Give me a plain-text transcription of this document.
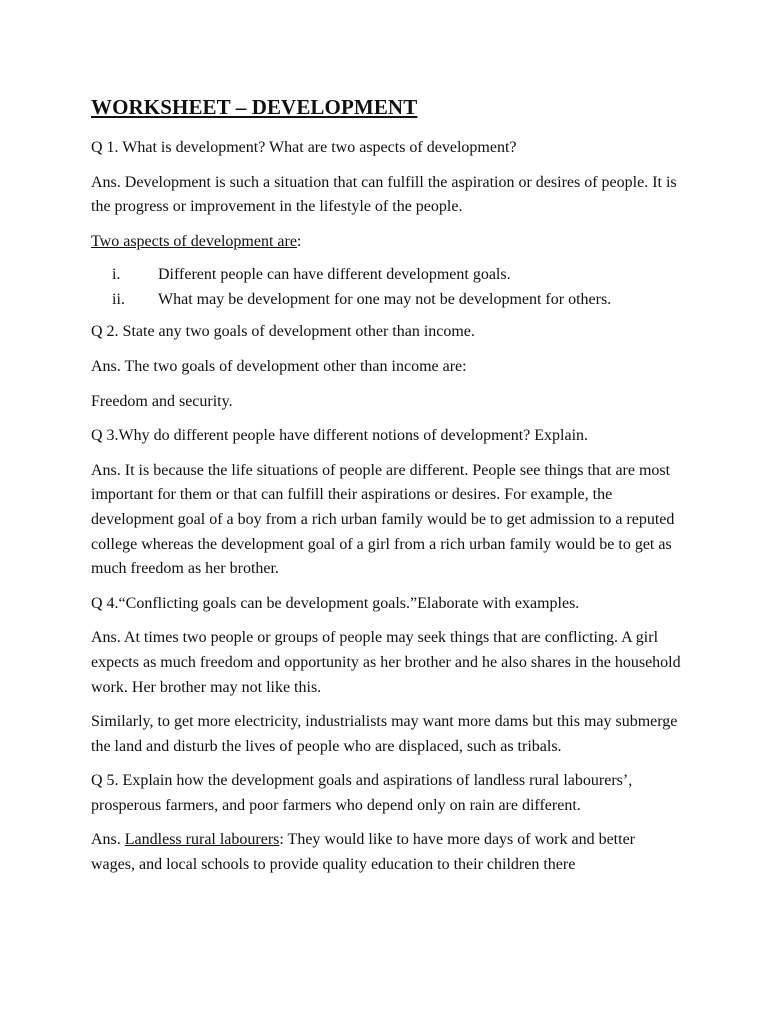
WORKSHEET – DEVELOPMENT

Q 1. What is development? What are two aspects of development?

Ans. Development is such a situation that can fulfill the aspiration or desires of people. It is the progress or improvement in the lifestyle of the people.

Two aspects of development are:

i. Different people can have different development goals.
ii. What may be development for one may not be development for others.

Q 2. State any two goals of development other than income.

Ans. The two goals of development other than income are:

Freedom and security.

Q 3.Why do different people have different notions of development? Explain.

Ans. It is because the life situations of people are different. People see things that are most important for them or that can fulfill their aspirations or desires. For example, the development goal of a boy from a rich urban family would be to get admission to a reputed college whereas the development goal of a girl from a rich urban family would be to get as much freedom as her brother.

Q 4.“Conflicting goals can be development goals.”Elaborate with examples.

Ans. At times two people or groups of people may seek things that are conflicting. A girl expects as much freedom and opportunity as her brother and he also shares in the household work. Her brother may not like this.

Similarly, to get more electricity, industrialists may want more dams but this may submerge the land and disturb the lives of people who are displaced, such as tribals.

Q 5. Explain how the development goals and aspirations of landless rural labourers’, prosperous farmers, and poor farmers who depend only on rain are different.

Ans. Landless rural labourers: They would like to have more days of work and better wages, and local schools to provide quality education to their children there
